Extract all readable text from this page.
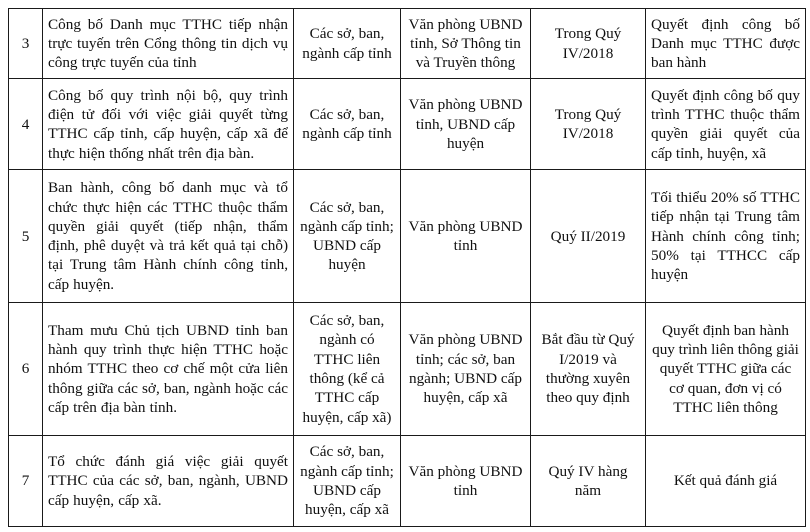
3	Công bố Danh mục TTHC tiếp nhận trực tuyến trên Cổng thông tin dịch vụ công trực tuyến của tỉnh	Các sở, ban, ngành cấp tỉnh	Văn phòng UBND tỉnh, Sở Thông tin và Truyền thông	Trong Quý IV/2018	Quyết định công bố Danh mục TTHC được ban hành
4	Công bố quy trình nội bộ, quy trình điện tử đối với việc giải quyết từng TTHC cấp tỉnh, cấp huyện, cấp xã để thực hiện thống nhất trên địa bàn.	Các sở, ban, ngành cấp tỉnh	Văn phòng UBND tỉnh, UBND cấp huyện	Trong Quý IV/2018	Quyết định công bố quy trình TTHC thuộc thẩm quyền giải quyết của cấp tỉnh, huyện, xã
5	Ban hành, công bố danh mục và tổ chức thực hiện các TTHC thuộc thẩm quyền giải quyết (tiếp nhận, thẩm định, phê duyệt và trả kết quả tại chỗ) tại Trung tâm Hành chính công tỉnh, cấp huyện.	Các sở, ban, ngành cấp tỉnh; UBND cấp huyện	Văn phòng UBND tỉnh	Quý II/2019	Tối thiểu 20% số TTHC tiếp nhận tại Trung tâm Hành chính công tỉnh; 50% tại TTHCC cấp huyện
6	Tham mưu Chủ tịch UBND tỉnh ban hành quy trình thực hiện TTHC hoặc nhóm TTHC theo cơ chế một cửa liên thông giữa các sở, ban, ngành hoặc các cấp trên địa bàn tỉnh.	Các sở, ban, ngành có TTHC liên thông (kể cả TTHC cấp huyện, cấp xã)	Văn phòng UBND tỉnh; các sở, ban ngành; UBND cấp huyện, cấp xã	Bắt đầu từ Quý I/2019 và thường xuyên theo quy định	Quyết định ban hành quy trình liên thông giải quyết TTHC giữa các cơ quan, đơn vị có TTHC liên thông
7	Tổ chức đánh giá việc giải quyết TTHC của các sở, ban, ngành, UBND cấp huyện, cấp xã.	Các sở, ban, ngành cấp tỉnh; UBND cấp huyện, cấp xã	Văn phòng UBND tỉnh	Quý IV hàng năm	Kết quả đánh giá
